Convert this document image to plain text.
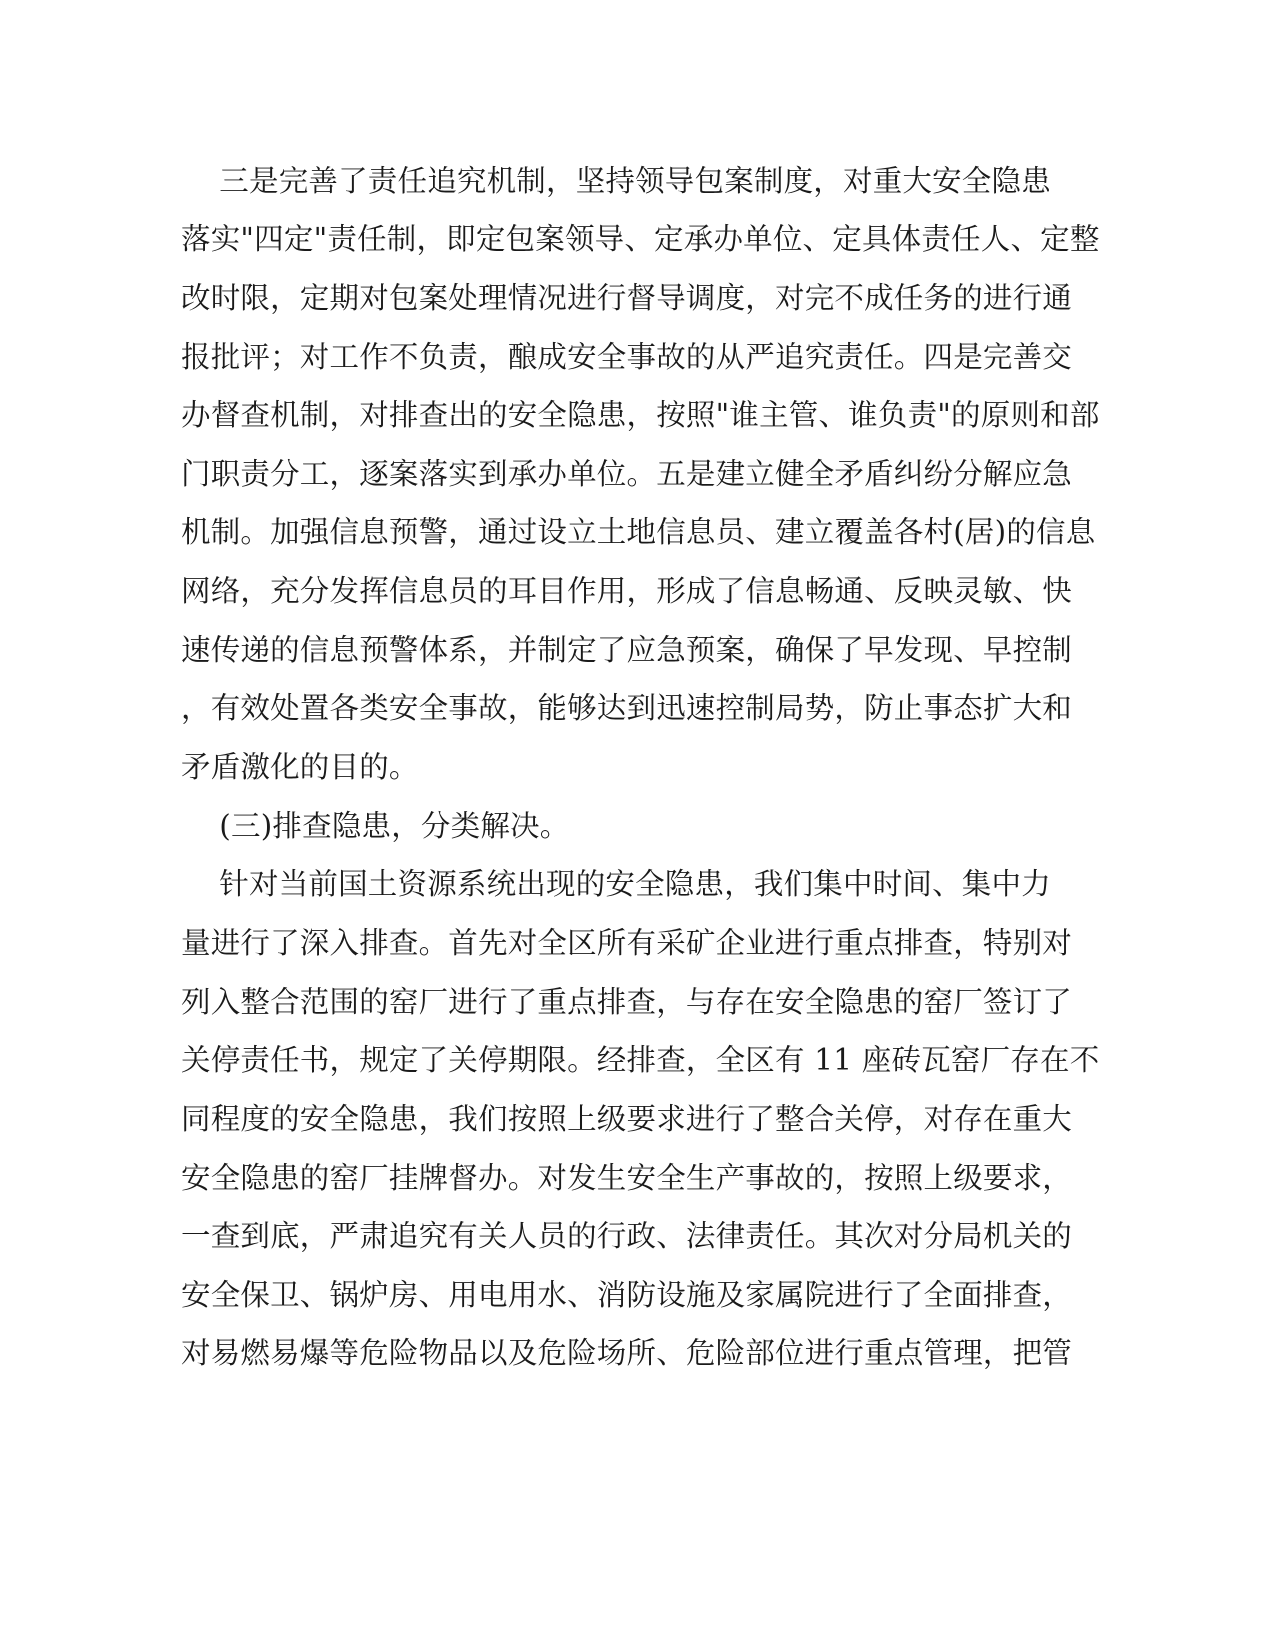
三是完善了责任追究机制，坚持领导包案制度，对重大安全隐患
落实"四定"责任制，即定包案领导、定承办单位、定具体责任人、定整
改时限，定期对包案处理情况进行督导调度，对完不成任务的进行通
报批评；对工作不负责，酿成安全事故的从严追究责任。四是完善交
办督查机制，对排查出的安全隐患，按照"谁主管、谁负责"的原则和部
门职责分工，逐案落实到承办单位。五是建立健全矛盾纠纷分解应急
机制。加强信息预警，通过设立土地信息员、建立覆盖各村(居)的信息
网络，充分发挥信息员的耳目作用，形成了信息畅通、反映灵敏、快
速传递的信息预警体系，并制定了应急预案，确保了早发现、早控制
，有效处置各类安全事故，能够达到迅速控制局势，防止事态扩大和
矛盾激化的目的。
(三)排查隐患，分类解决。
针对当前国土资源系统出现的安全隐患，我们集中时间、集中力
量进行了深入排查。首先对全区所有采矿企业进行重点排查，特别对
列入整合范围的窑厂进行了重点排查，与存在安全隐患的窑厂签订了
关停责任书，规定了关停期限。经排查，全区有 11 座砖瓦窑厂存在不
同程度的安全隐患，我们按照上级要求进行了整合关停，对存在重大
安全隐患的窑厂挂牌督办。对发生安全生产事故的，按照上级要求，
一查到底，严肃追究有关人员的行政、法律责任。其次对分局机关的
安全保卫、锅炉房、用电用水、消防设施及家属院进行了全面排查，
对易燃易爆等危险物品以及危险场所、危险部位进行重点管理，把管
